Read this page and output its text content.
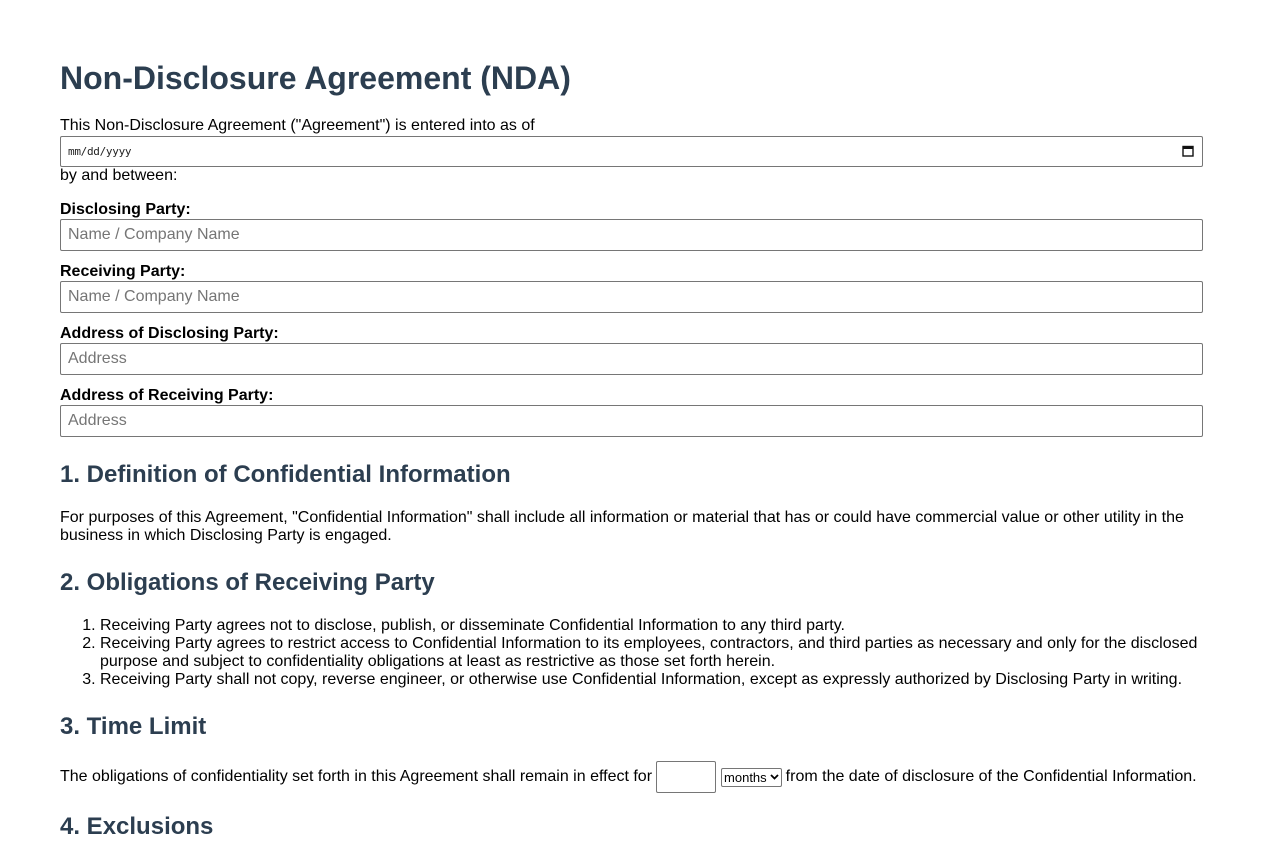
Non-Disclosure Agreement (NDA)
This Non-Disclosure Agreement ("Agreement") is entered into as of
mm/dd/yyyy
by and between:
Disclosing Party:
Name / Company Name
Receiving Party:
Name / Company Name
Address of Disclosing Party:
Address
Address of Receiving Party:
Address
1. Definition of Confidential Information
For purposes of this Agreement, "Confidential Information" shall include all information or material that has or could have commercial value or other utility in the business in which Disclosing Party is engaged.
2. Obligations of Receiving Party
1. Receiving Party agrees not to disclose, publish, or disseminate Confidential Information to any third party.
2. Receiving Party agrees to restrict access to Confidential Information to its employees, contractors, and third parties as necessary and only for the disclosed purpose and subject to confidentiality obligations at least as restrictive as those set forth herein.
3. Receiving Party shall not copy, reverse engineer, or otherwise use Confidential Information, except as expressly authorized by Disclosing Party in writing.
3. Time Limit
The obligations of confidentiality set forth in this Agreement shall remain in effect for	months from the date of disclosure of the Confidential Information.
4. Exclusions
